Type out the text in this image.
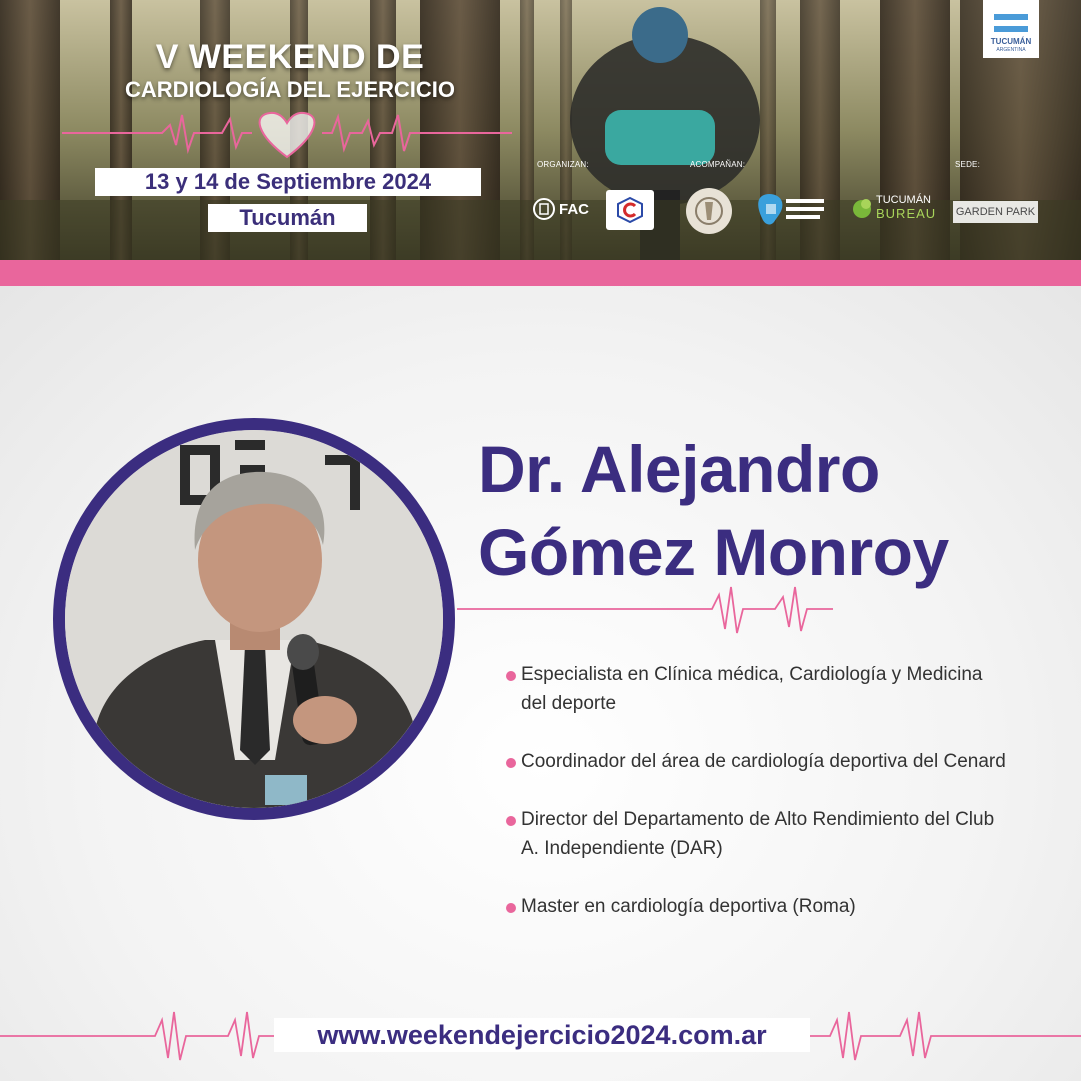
V WEEKEND DE
CARDIOLOGÍA DEL EJERCICIO
13 y 14 de Septiembre 2024
Tucumán
ORGANIZAN:	ACOMPAÑAN:	SEDE:
FAC
TUCUMÁN
BUREAU GARDEN PARK
TUCUMÁN
ARGENTINA
Dr. Alejandro
Gómez Monroy
Especialista en Clínica médica, Cardiología y Medicina del deporte
Coordinador del área de cardiología deportiva del Cenard
Director del Departamento de Alto Rendimiento del Club A. Independiente (DAR)
Master en cardiología deportiva (Roma)
www.weekendejercicio2024.com.ar
